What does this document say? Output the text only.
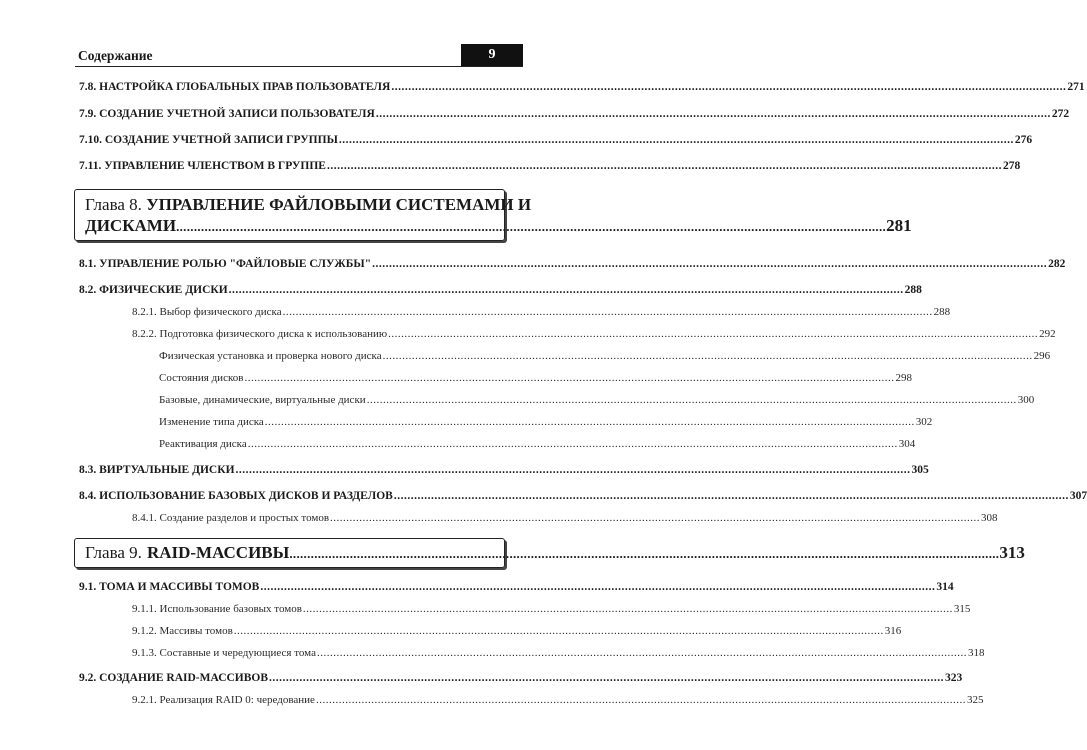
Содержание	9
7.8. НАСТРОЙКА ГЛОБАЛЬНЫХ ПРАВ ПОЛЬЗОВАТЕЛЯ ........................................................................................................................................................................................................ 271
7.9. СОЗДАНИЕ УЧЕТНОЙ ЗАПИСИ ПОЛЬЗОВАТЕЛЯ ........................................................................................................................................................................................................ 272
7.10. СОЗДАНИЕ УЧЕТНОЙ ЗАПИСИ ГРУППЫ ........................................................................................................................................................................................................ 276
7.11. УПРАВЛЕНИЕ ЧЛЕНСТВОМ В ГРУППЕ ........................................................................................................................................................................................................ 278
Глава 8. УПРАВЛЕНИЕ ФАЙЛОВЫМИ СИСТЕМАМИ И
ДИСКАМИ ........................................................................................................................................................................................................ 281
8.1. УПРАВЛЕНИЕ РОЛЬЮ "ФАЙЛОВЫЕ СЛУЖБЫ" ........................................................................................................................................................................................................ 282
8.2. ФИЗИЧЕСКИЕ ДИСКИ ........................................................................................................................................................................................................ 288
8.2.1. Выбор физического диска ........................................................................................................................................................................................................ 288
8.2.2. Подготовка физического диска к использованию ........................................................................................................................................................................................................ 292
Физическая установка и проверка нового диска ........................................................................................................................................................................................................ 296
Состояния дисков ........................................................................................................................................................................................................ 298
Базовые, динамические, виртуальные диски ........................................................................................................................................................................................................ 300
Изменение типа диска ........................................................................................................................................................................................................ 302
Реактивация диска ........................................................................................................................................................................................................ 304
8.3. ВИРТУАЛЬНЫЕ ДИСКИ ........................................................................................................................................................................................................ 305
8.4. ИСПОЛЬЗОВАНИЕ БАЗОВЫХ ДИСКОВ И РАЗДЕЛОВ ........................................................................................................................................................................................................ 307
8.4.1. Создание разделов и простых томов ........................................................................................................................................................................................................ 308
Глава 9. RAID-МАССИВЫ ........................................................................................................................................................................................................ 313
9.1. ТОМА И МАССИВЫ ТОМОВ ........................................................................................................................................................................................................ 314
9.1.1. Использование базовых томов ........................................................................................................................................................................................................ 315
9.1.2. Массивы томов ........................................................................................................................................................................................................ 316
9.1.3. Составные и чередующиеся тома ........................................................................................................................................................................................................ 318
9.2. СОЗДАНИЕ RAID-МАССИВОВ ........................................................................................................................................................................................................ 323
9.2.1. Реализация RAID 0: чередование ........................................................................................................................................................................................................ 325
